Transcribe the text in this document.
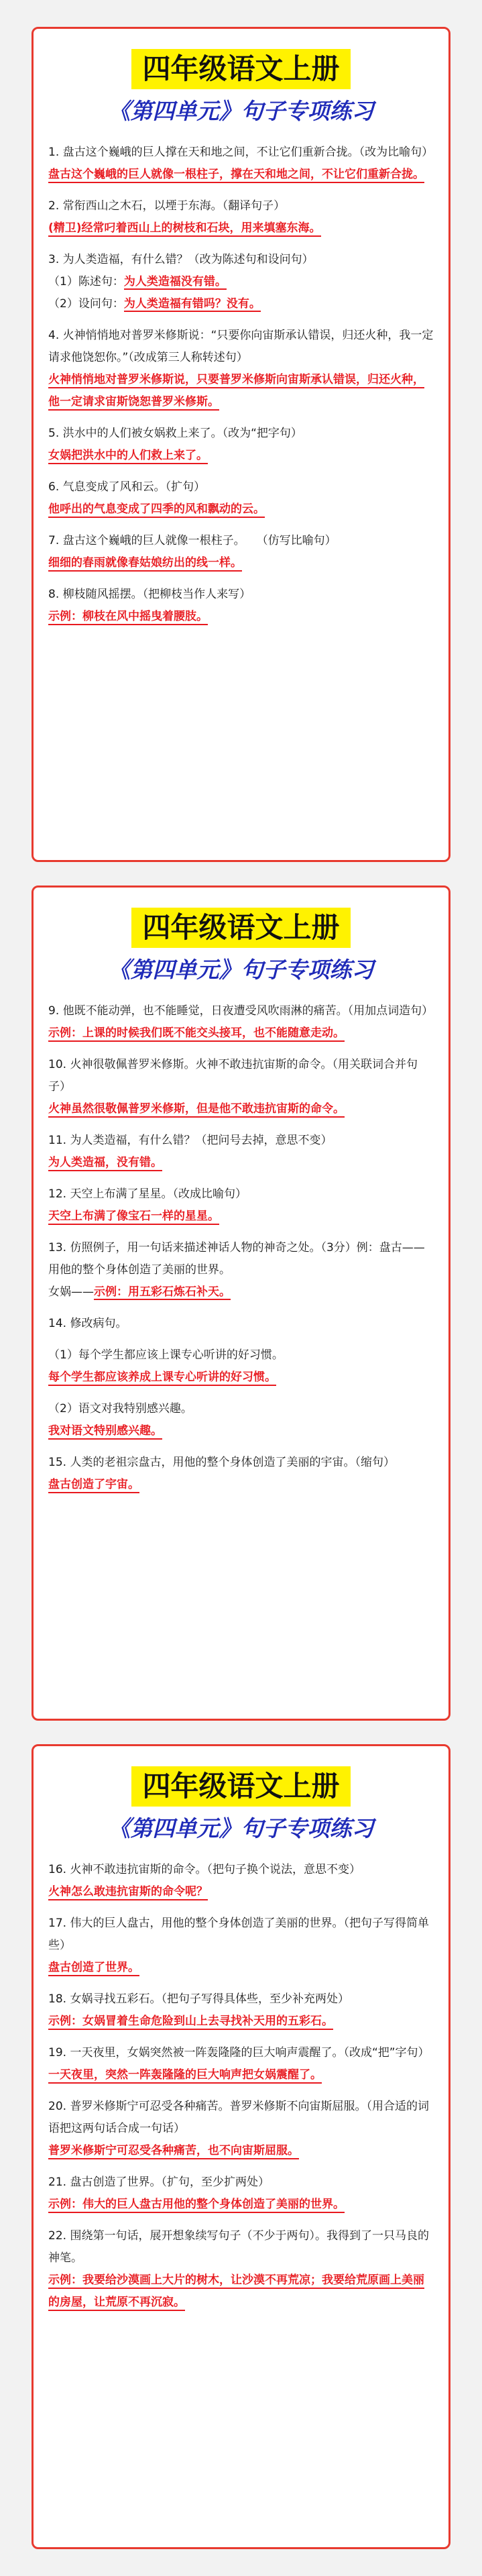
四年级语文上册
《第四单元》句子专项练习

1. 盘古这个巍峨的巨人撑在天和地之间，不让它们重新合拢。（改为比喻句）

盘古这个巍峨的巨人就像一根柱子，撑在天和地之间，不让它们重新合拢。

2. 常衔西山之木石，以堙于东海。（翻译句子）

(精卫)经常叼着西山上的树枝和石块，用来填塞东海。

3. 为人类造福，有什么错？（改为陈述句和设问句）

（1）陈述句：为人类造福没有错。

（2）设问句：为人类造福有错吗？没有。

4. 火神悄悄地对普罗米修斯说：“只要你向宙斯承认错误，归还火种，我一定请求他饶恕你。”（改成第三人称转述句）

火神悄悄地对普罗米修斯说，只要普罗米修斯向宙斯承认错误，归还火种，他一定请求宙斯饶恕普罗米修斯。

5. 洪水中的人们被女娲救上来了。（改为“把字句）

女娲把洪水中的人们救上来了。

6. 气息变成了风和云。（扩句）

他呼出的气息变成了四季的风和飘动的云。

7. 盘古这个巍峨的巨人就像一根柱子。　　（仿写比喻句）

细细的春雨就像春姑娘纺出的线一样。

8. 柳枝随风摇摆。（把柳枝当作人来写）

示例：柳枝在风中摇曳着腰肢。

四年级语文上册
《第四单元》句子专项练习

9. 他既不能动弹，也不能睡觉，日夜遭受风吹雨淋的痛苦。（用加点词造句）

示例：上课的时候我们既不能交头接耳，也不能随意走动。

10. 火神很敬佩普罗米修斯。火神不敢违抗宙斯的命令。（用关联词合并句子）

火神虽然很敬佩普罗米修斯，但是他不敢违抗宙斯的命令。

11. 为人类造福，有什么错？（把问号去掉，意思不变）

为人类造福，没有错。

12. 天空上布满了星星。（改成比喻句）

天空上布满了像宝石一样的星星。

13. 仿照例子，用一句话来描述神话人物的神奇之处。（3分）例：盘古——用他的整个身体创造了美丽的世界。

女娲——示例：用五彩石炼石补天。

14. 修改病句。

（1）每个学生都应该上课专心听讲的好习惯。

每个学生都应该养成上课专心听讲的好习惯。

（2）语文对我特别感兴趣。

我对语文特别感兴趣。

15. 人类的老祖宗盘古，用他的整个身体创造了美丽的宇宙。（缩句）

盘古创造了宇宙。

四年级语文上册
《第四单元》句子专项练习

16. 火神不敢违抗宙斯的命令。（把句子换个说法，意思不变）

火神怎么敢违抗宙斯的命令呢？

17. 伟大的巨人盘古，用他的整个身体创造了美丽的世界。（把句子写得简单些）

盘古创造了世界。

18. 女娲寻找五彩石。（把句子写得具体些，至少补充两处）

示例：女娲冒着生命危险到山上去寻找补天用的五彩石。

19. 一天夜里，女娲突然被一阵轰隆隆的巨大响声震醒了。（改成“把”字句）

一天夜里，突然一阵轰隆隆的巨大响声把女娲震醒了。

20. 普罗米修斯宁可忍受各种痛苦。普罗米修斯不向宙斯屈服。（用合适的词语把这两句话合成一句话）

普罗米修斯宁可忍受各种痛苦，也不向宙斯屈服。

21. 盘古创造了世界。（扩句，至少扩两处）

示例：伟大的巨人盘古用他的整个身体创造了美丽的世界。

22. 围绕第一句话，展开想象续写句子（不少于两句）。我得到了一只马良的神笔。

示例：我要给沙漠画上大片的树木，让沙漠不再荒凉；我要给荒原画上美丽的房屋，让荒原不再沉寂。
